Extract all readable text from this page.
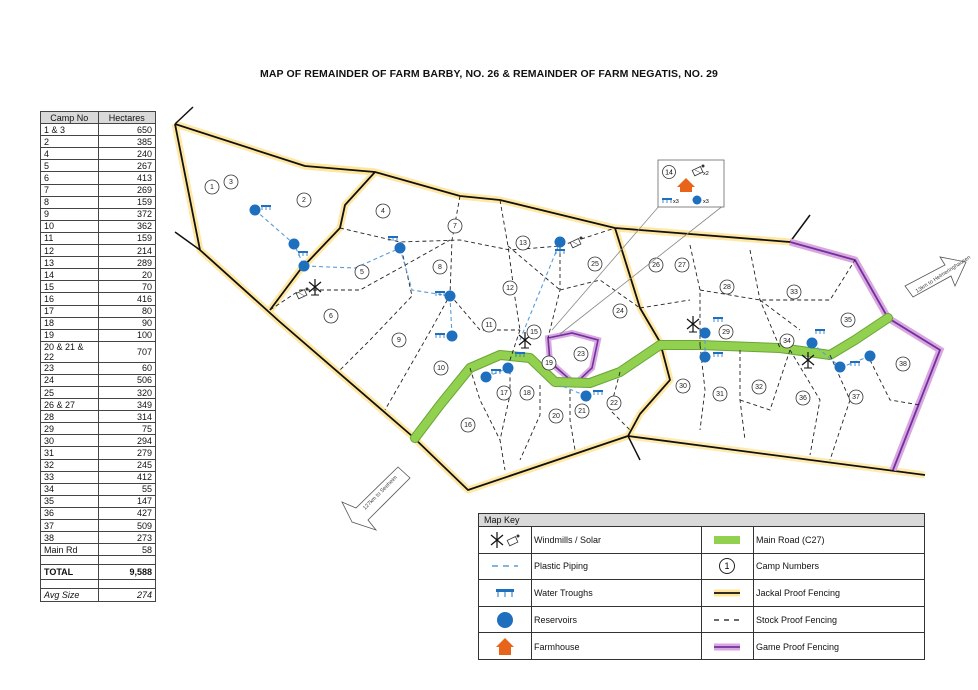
MAP OF REMAINDER OF FARM BARBY, NO. 26 & REMAINDER OF FARM NEGATIS, NO. 29
Camp No	Hectares
1 & 3	650
2	385
4	240
5	267
6	413
7	269
8	159
9	372
10	362
11	159
12	214
13	289
14	20
15	70
16	416
17	80
18	90
19	100
20 & 21 & 22	707
23	60
24	506
25	320
26 & 27	349
28	314
29	75
30	294
31	279
32	245
33	412
34	55
35	147
36	427
37	509
38	273
Main Rd	58

TOTAL	9,588

Avg Size	274
1
2
3
4
5
6
7
8
9
10
11
12
13
15
16
17 18
19
20
21
22
23
24
25	26	27
28
29
30
31
32
33
34
35
36	37
38
127km to Seeheim
13km to Helmeringhausen
14	x2
x3	x3
Map Key
Windmills / Solar
Plastic Piping
Water Troughs
Reservoirs
Farmhouse
Main Road (C27)
1	Camp Numbers
Jackal Proof Fencing
Stock Proof Fencing
Game Proof Fencing
